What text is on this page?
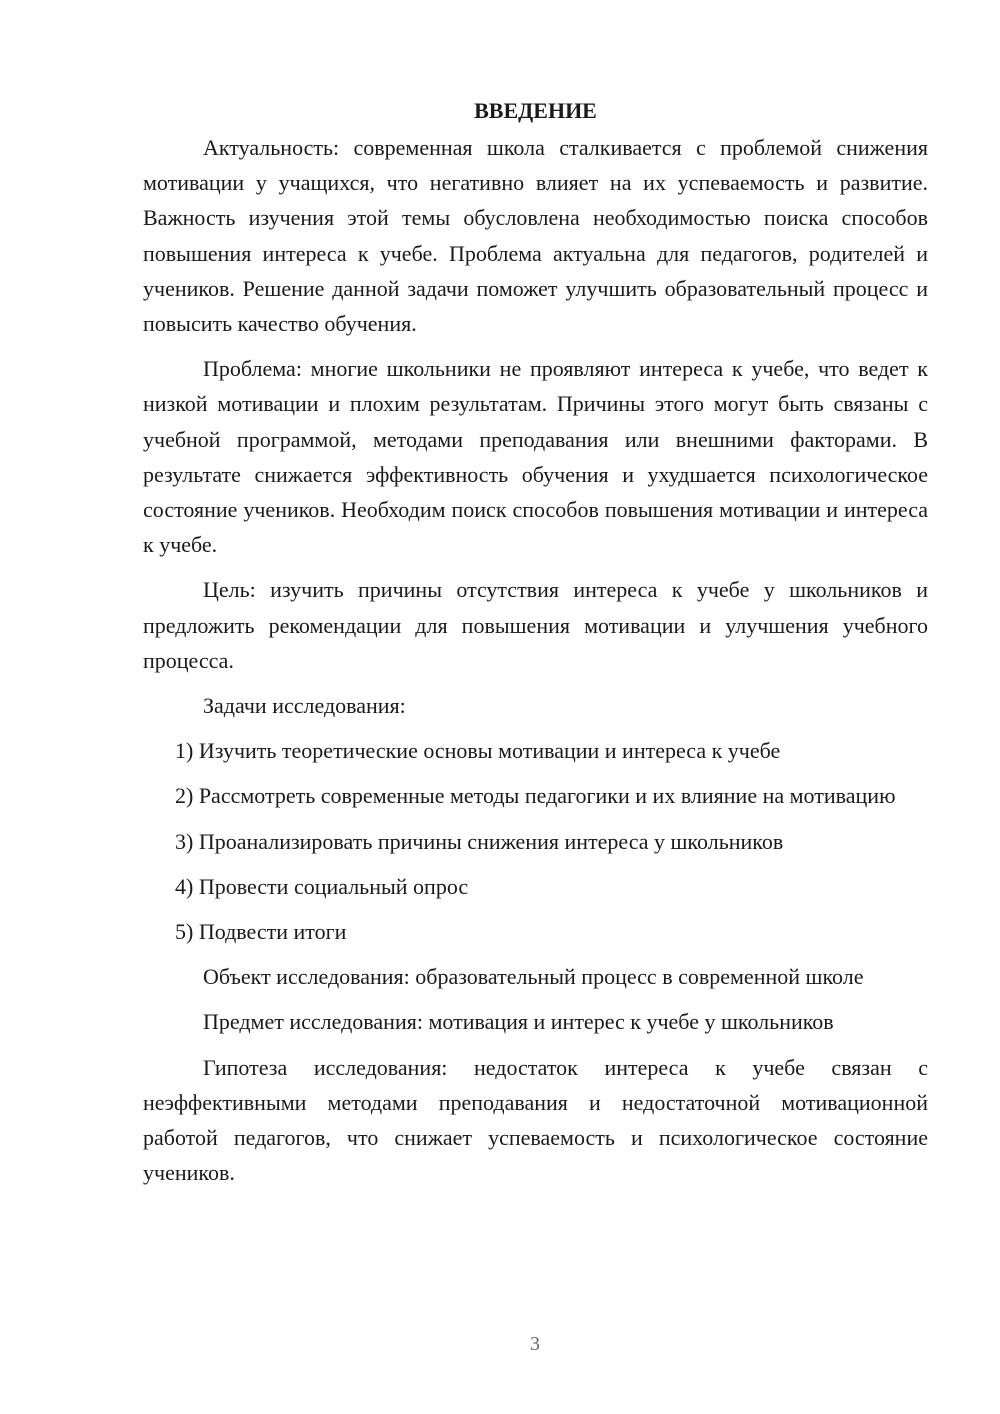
ВВЕДЕНИЕ

Актуальность: современная школа сталкивается с проблемой снижения мотивации у учащихся, что негативно влияет на их успеваемость и развитие. Важность изучения этой темы обусловлена необходимостью поиска способов повышения интереса к учебе. Проблема актуальна для педагогов, родителей и учеников. Решение данной задачи поможет улучшить образовательный процесс и повысить качество обучения.

Проблема: многие школьники не проявляют интереса к учебе, что ведет к низкой мотивации и плохим результатам. Причины этого могут быть связаны с учебной программой, методами преподавания или внешними факторами. В результате снижается эффективность обучения и ухудшается психологическое состояние учеников. Необходим поиск способов повышения мотивации и интереса к учебе.

Цель: изучить причины отсутствия интереса к учебе у школьников и предложить рекомендации для повышения мотивации и улучшения учебного процесса.

Задачи исследования:

1) Изучить теоретические основы мотивации и интереса к учебе

2) Рассмотреть современные методы педагогики и их влияние на мотивацию

3) Проанализировать причины снижения интереса у школьников

4) Провести социальный опрос

5) Подвести итоги

Объект исследования: образовательный процесс в современной школе

Предмет исследования: мотивация и интерес к учебе у школьников

Гипотеза исследования: недостаток интереса к учебе связан с неэффективными методами преподавания и недостаточной мотивационной работой педагогов, что снижает успеваемость и психологическое состояние учеников.

3
